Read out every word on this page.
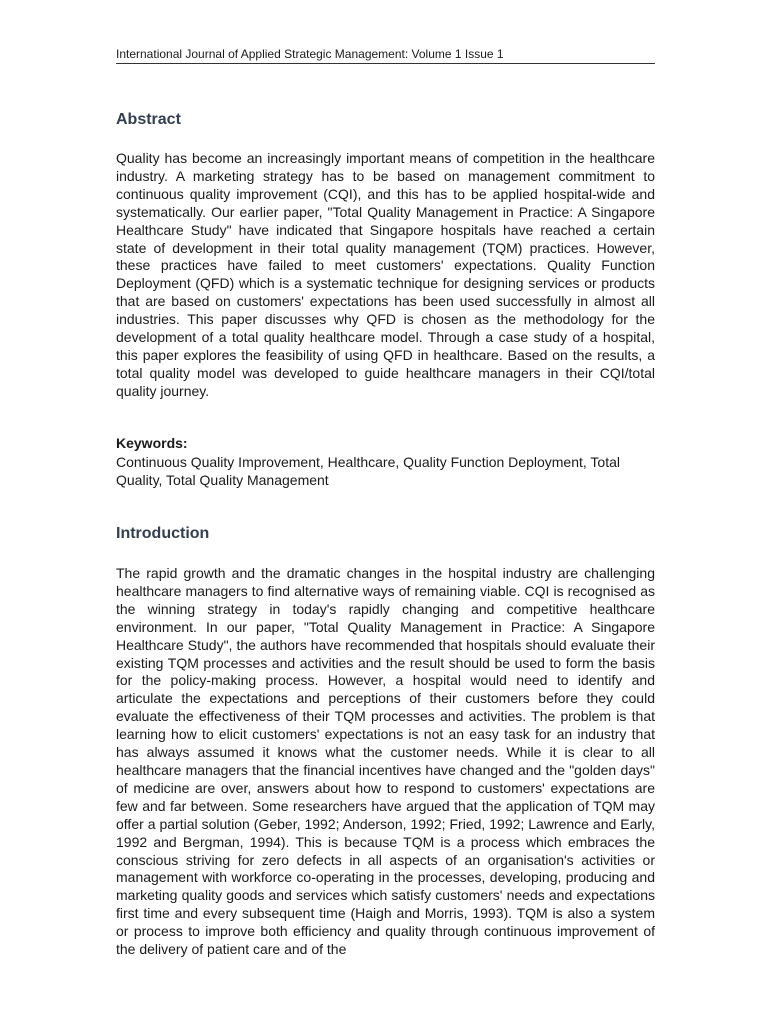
International Journal of Applied Strategic Management: Volume 1 Issue 1
Abstract

Quality has become an increasingly important means of competition in the healthcare industry. A marketing strategy has to be based on management commitment to continuous quality improvement (CQI), and this has to be applied hospital-wide and systematically. Our earlier paper, "Total Quality Management in Practice: A Singapore Healthcare Study" have indicated that Singapore hospitals have reached a certain state of development in their total quality management (TQM) practices. However, these practices have failed to meet customers' expectations. Quality Function Deployment (QFD) which is a systematic technique for designing services or products that are based on customers' expectations has been used successfully in almost all industries. This paper discusses why QFD is chosen as the methodology for the development of a total quality healthcare model. Through a case study of a hospital, this paper explores the feasibility of using QFD in healthcare. Based on the results, a total quality model was developed to guide healthcare managers in their CQI/total quality journey.

Keywords:

Continuous Quality Improvement, Healthcare, Quality Function Deployment, Total Quality, Total Quality Management

Introduction

The rapid growth and the dramatic changes in the hospital industry are challenging healthcare managers to find alternative ways of remaining viable. CQI is recognised as the winning strategy in today's rapidly changing and competitive healthcare environment. In our paper, "Total Quality Management in Practice: A Singapore Healthcare Study", the authors have recommended that hospitals should evaluate their existing TQM processes and activities and the result should be used to form the basis for the policy-making process. However, a hospital would need to identify and articulate the expectations and perceptions of their customers before they could evaluate the effectiveness of their TQM processes and activities. The problem is that learning how to elicit customers' expectations is not an easy task for an industry that has always assumed it knows what the customer needs. While it is clear to all healthcare managers that the financial incentives have changed and the "golden days" of medicine are over, answers about how to respond to customers' expectations are few and far between. Some researchers have argued that the application of TQM may offer a partial solution (Geber, 1992; Anderson, 1992; Fried, 1992; Lawrence and Early, 1992 and Bergman, 1994). This is because TQM is a process which embraces the conscious striving for zero defects in all aspects of an organisation's activities or management with workforce co-operating in the processes, developing, producing and marketing quality goods and services which satisfy customers' needs and expectations first time and every subsequent time (Haigh and Morris, 1993). TQM is also a system or process to improve both efficiency and quality through continuous improvement of the delivery of patient care and of the
